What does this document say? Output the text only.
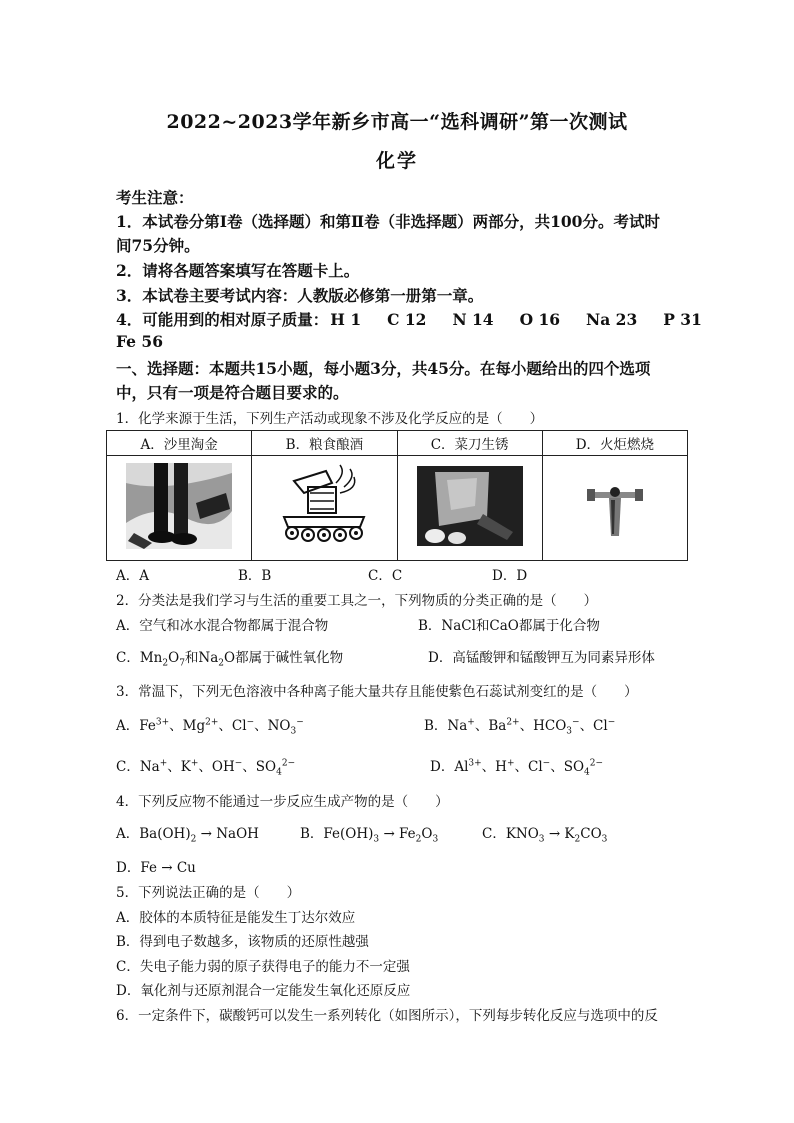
2022~2023学年新乡市高一“选科调研”第一次测试
化学
考生注意：
1．本试卷分第Ⅰ卷（选择题）和第Ⅱ卷（非选择题）两部分，共100分。考试时
间75分钟。
2．请将各题答案填写在答题卡上。
3．本试卷主要考试内容：人教版必修第一册第一章。
4．可能用到的相对原子质量： H 1 C 12 N 14 O 16 Na 23 P 31
Fe 56
一、选择题：本题共15小题，每小题3分，共45分。在每小题给出的四个选项
中，只有一项是符合题目要求的。
1．化学来源于生活，下列生产活动或现象不涉及化学反应的是（　　）
A．沙里淘金	B．粮食酿酒	C．菜刀生锈	D．火炬燃烧

A．A	B．B	C．C	D．D
2．分类法是我们学习与生活的重要工具之一，下列物质的分类正确的是（　　）
A．空气和冰水混合物都属于混合物	B．NaCl和CaO都属于化合物
C．$Mn_2O_7$和$Na_2O$都属于碱性氧化物	D．高锰酸钾和锰酸钾互为同素异形体
3．常温下，下列无色溶液中各种离子能大量共存且能使紫色石蕊试剂变红的是（　　）
A．$Fe^{3+}$、$Mg^{2+}$、Cl−、$NO_3^-$	B．Na+、$Ba^{2+}$、$HCO_3^-$、Cl−
C．Na+、K+、OH−、$SO_4^{2-}$	D．$Al^{3+}$、H+、Cl−、$SO_4^{2-}$
4．下列反应物不能通过一步反应生成产物的是（　　）
A．$Ba(OH)_2$ → NaOH	B．$Fe(OH)_3 \to Fe_2O_3$	C．$KNO_3 \to K_2CO_3$
D．Fe → Cu
5．下列说法正确的是（　　）
A．胶体的本质特征是能发生丁达尔效应
B．得到电子数越多，该物质的还原性越强
C．失电子能力弱的原子获得电子的能力不一定强
D．氧化剂与还原剂混合一定能发生氧化还原反应
6．一定条件下，碳酸钙可以发生一系列转化（如图所示），下列每步转化反应与选项中的反
